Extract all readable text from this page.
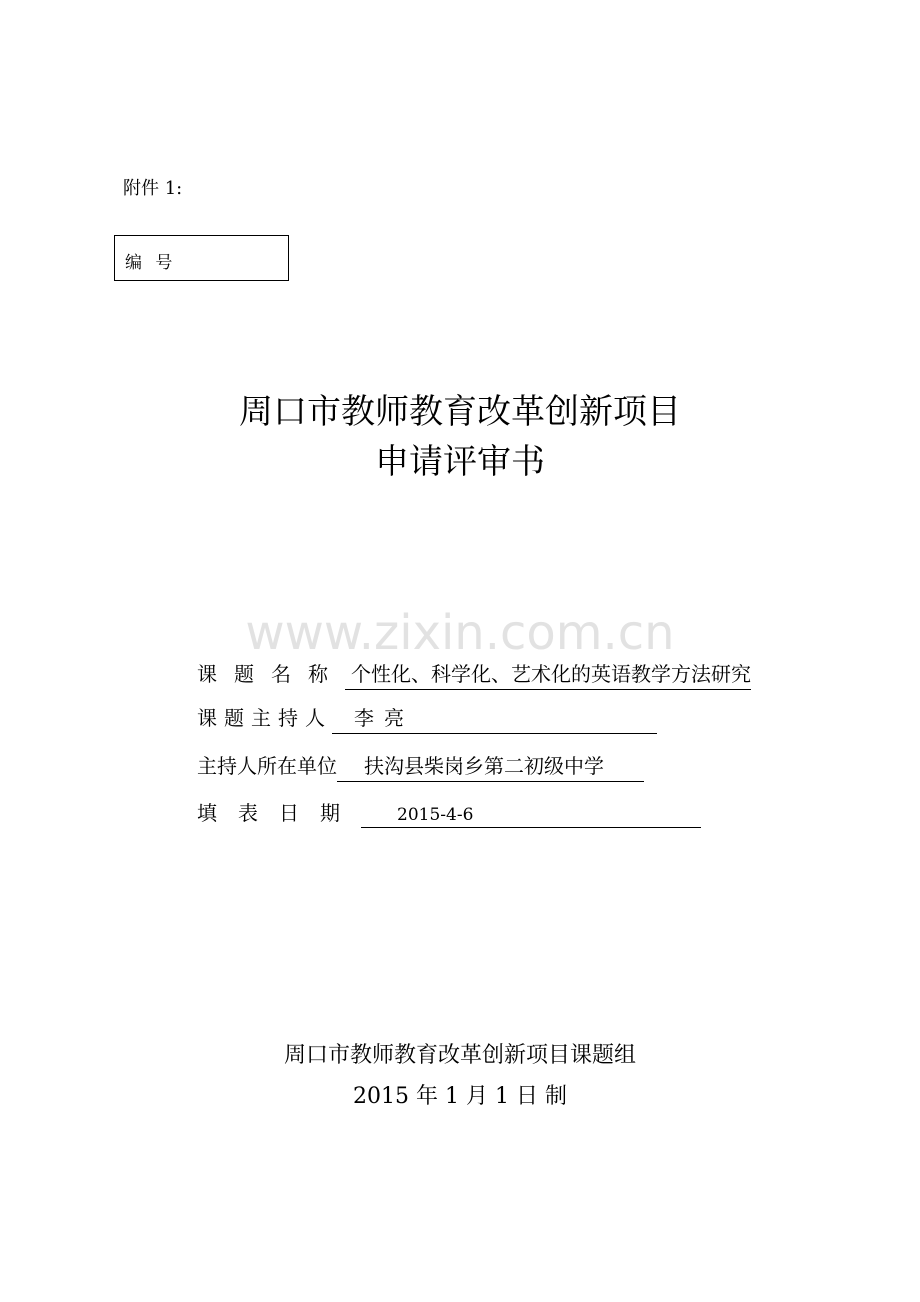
附件 1:
编 号
周口市教师教育改革创新项目
申请评审书
www.zixin.com.cn
课题名称 个性化、科学化、艺术化的英语教学方法研究
课题主持人 李亮
主持人所在单位 扶沟县柴岗乡第二初级中学
填表日期 2015-4-6
周口市教师教育改革创新项目课题组
2015 年 1 月 1 日 制
